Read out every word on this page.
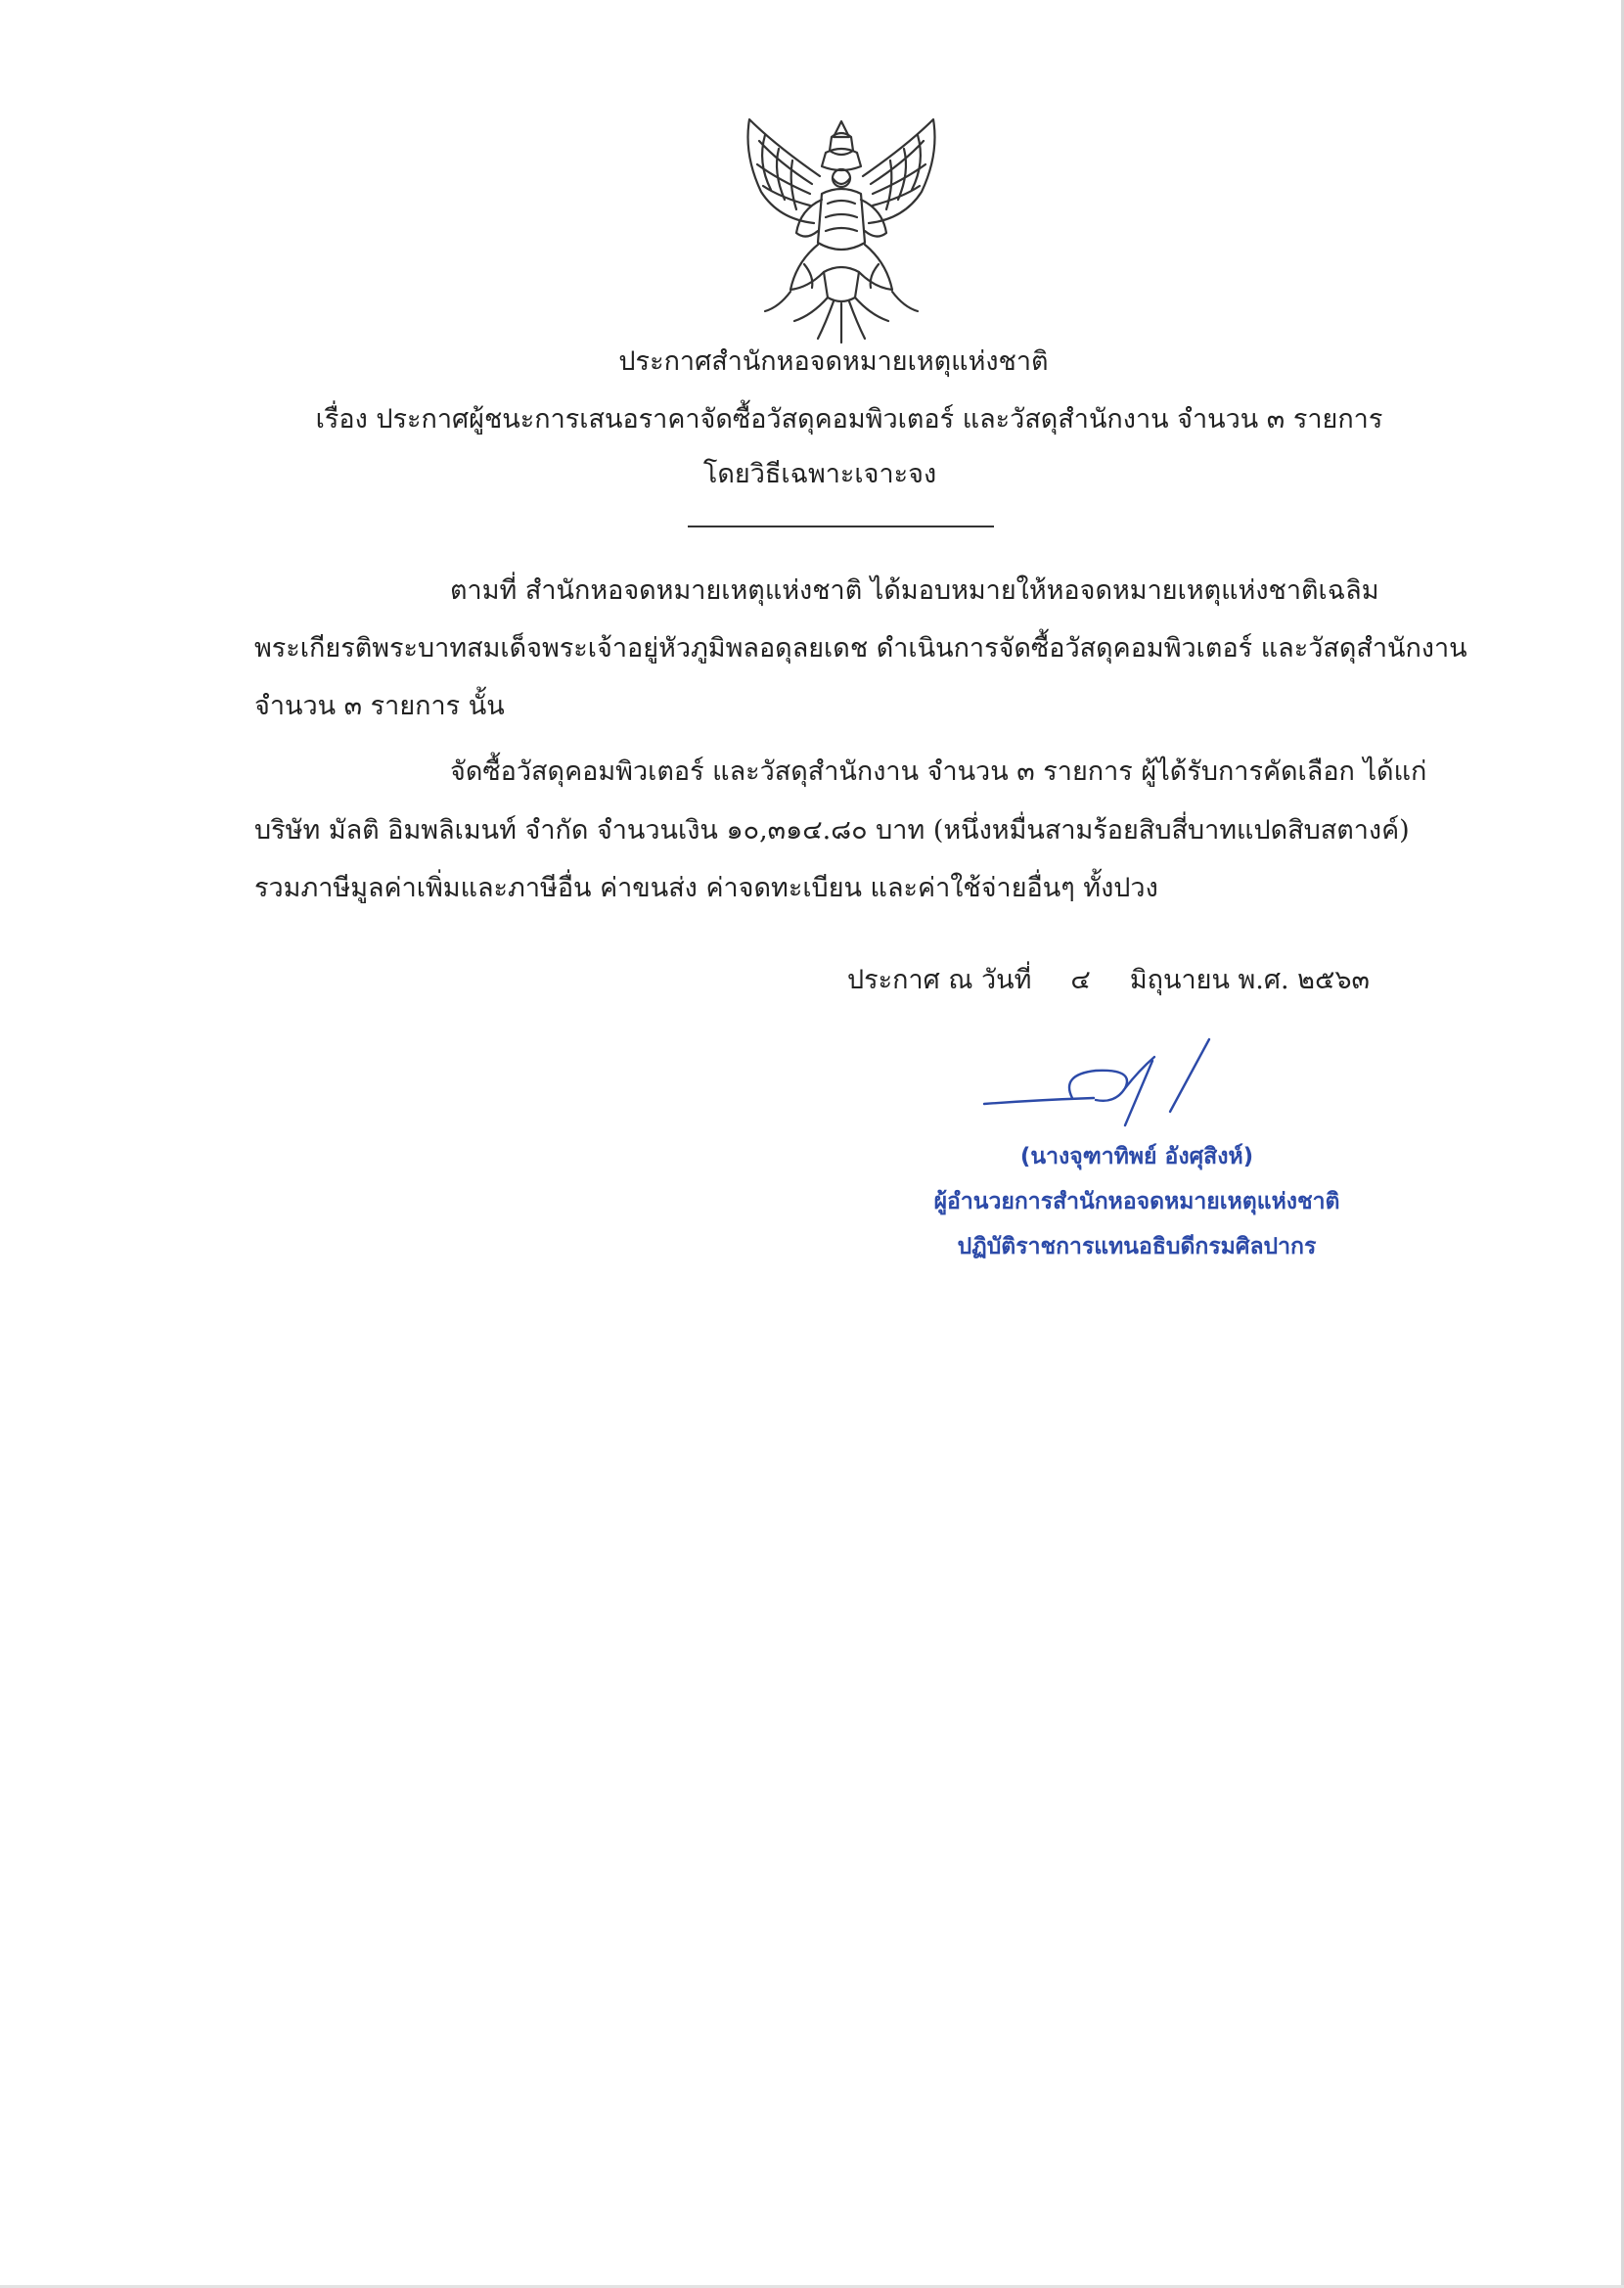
ประกาศสำนักหอจดหมายเหตุแห่งชาติ
เรื่อง ประกาศผู้ชนะการเสนอราคาจัดซื้อวัสดุคอมพิวเตอร์ และวัสดุสำนักงาน จำนวน ๓ รายการ
โดยวิธีเฉพาะเจาะจง
ตามที่ สำนักหอจดหมายเหตุแห่งชาติ ได้มอบหมายให้หอจดหมายเหตุแห่งชาติเฉลิม
พระเกียรติพระบาทสมเด็จพระเจ้าอยู่หัวภูมิพลอดุลยเดช ดำเนินการจัดซื้อวัสดุคอมพิวเตอร์ และวัสดุสำนักงาน
จำนวน ๓ รายการ นั้น
จัดซื้อวัสดุคอมพิวเตอร์ และวัสดุสำนักงาน จำนวน ๓ รายการ ผู้ได้รับการคัดเลือก ได้แก่
บริษัท มัลติ อิมพลิเมนท์ จำกัด จำนวนเงิน ๑๐,๓๑๔.๘๐ บาท (หนึ่งหมื่นสามร้อยสิบสี่บาทแปดสิบสตางค์)
รวมภาษีมูลค่าเพิ่มและภาษีอื่น ค่าขนส่ง ค่าจดทะเบียน และค่าใช้จ่ายอื่นๆ ทั้งปวง
ประกาศ ณ วันที่ ๔ มิถุนายน พ.ศ. ๒๕๖๓
(นางจุฑาทิพย์ อังศุสิงห์)
ผู้อำนวยการสำนักหอจดหมายเหตุแห่งชาติ
ปฏิบัติราชการแทนอธิบดีกรมศิลปากร
